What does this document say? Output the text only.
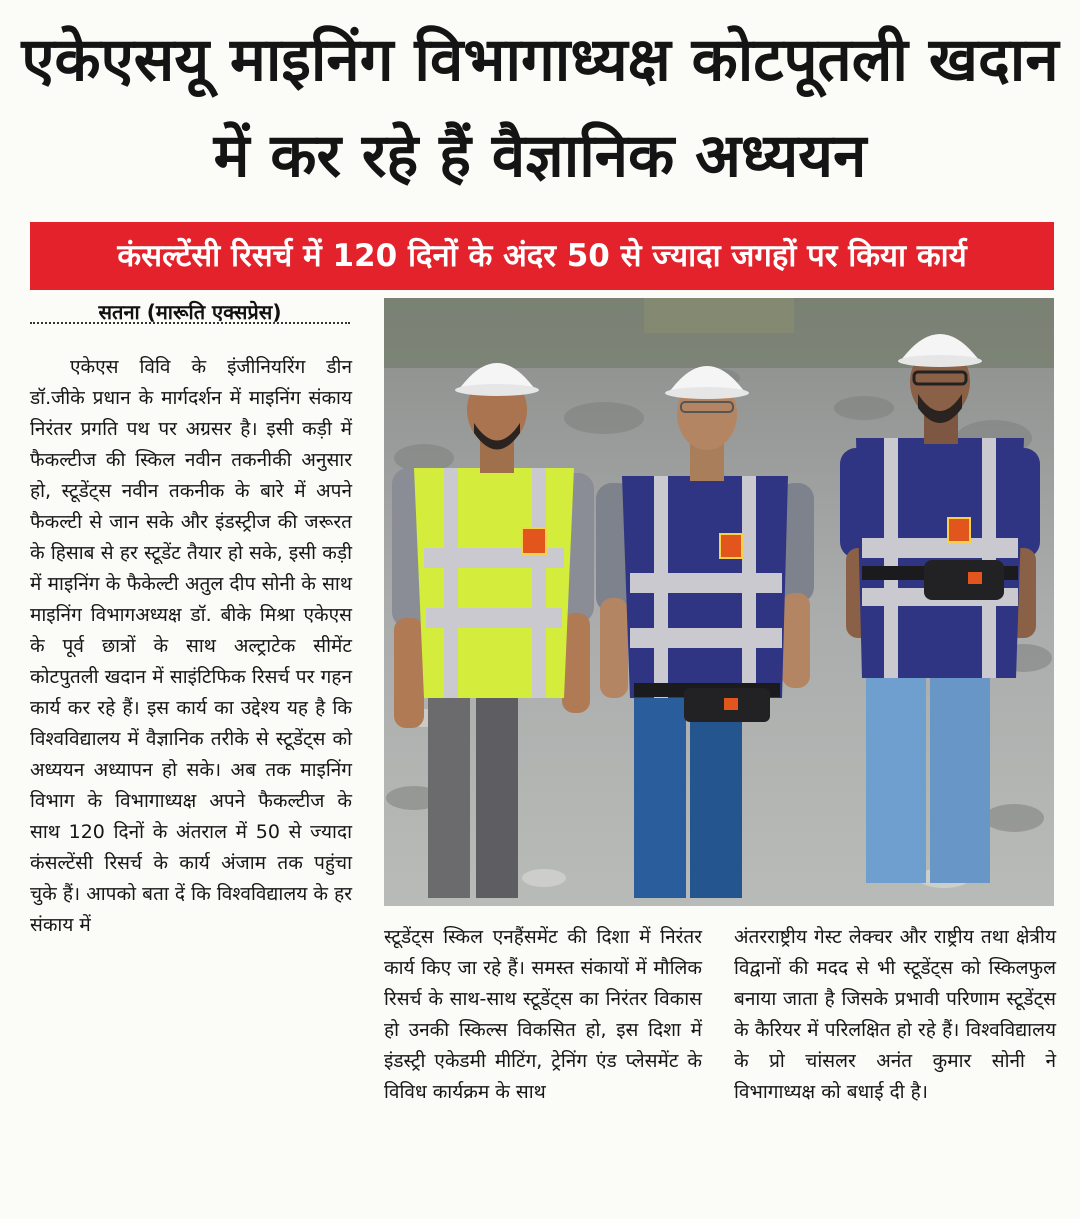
एकेएसयू माइनिंग विभागाध्यक्ष कोटपूतली खदान में कर रहे हैं वैज्ञानिक अध्ययन
कंसल्टेंसी रिसर्च में 120 दिनों के अंदर 50 से ज्यादा जगहों पर किया कार्य
सतना (मारूति एक्सप्रेस)

एकेएस विवि के इंजीनियरिंग डीन डॉ.जीके प्रधान के मार्गदर्शन में माइनिंग संकाय निरंतर प्रगति पथ पर अग्रसर है। इसी कड़ी में फैकल्टीज की स्किल नवीन तकनीकी अनुसार हो, स्टूडेंट्स नवीन तकनीक के बारे में अपने फैकल्टी से जान सके और इंडस्ट्रीज की जरूरत के हिसाब से हर स्टूडेंट तैयार हो सके, इसी कड़ी में माइनिंग के फैकेल्टी अतुल दीप सोनी के साथ माइनिंग विभागअध्यक्ष डॉ. बीके मिश्रा एकेएस के पूर्व छात्रों के साथ अल्ट्राटेक सीमेंट कोटपुतली खदान में साइंटिफिक रिसर्च पर गहन कार्य कर रहे हैं। इस कार्य का उद्देश्य यह है कि विश्वविद्यालय में वैज्ञानिक तरीके से स्टूडेंट्स को अध्ययन अध्यापन हो सके। अब तक माइनिंग विभाग के विभागाध्यक्ष अपने फैकल्टीज के साथ 120 दिनों के अंतराल में 50 से ज्यादा कंसल्टेंसी रिसर्च के कार्य अंजाम तक पहुंचा चुके हैं। आपको बता दें कि विश्वविद्यालय के हर संकाय में

स्टूडेंट्स स्किल एनहैंसमेंट की दिशा में निरंतर कार्य किए जा रहे हैं। समस्त संकायों में मौलिक रिसर्च के साथ-साथ स्टूडेंट्स का निरंतर विकास हो उनकी स्किल्स विकसित हो, इस दिशा में इंडस्ट्री एकेडमी मीटिंग, ट्रेनिंग एंड प्लेसमेंट के विविध कार्यक्रम के साथ

अंतरराष्ट्रीय गेस्ट लेक्चर और राष्ट्रीय तथा क्षेत्रीय विद्वानों की मदद से भी स्टूडेंट्स को स्किलफुल बनाया जाता है जिसके प्रभावी परिणाम स्टूडेंट्स के कैरियर में परिलक्षित हो रहे हैं। विश्वविद्यालय के प्रो चांसलर अनंत कुमार सोनी ने विभागाध्यक्ष को बधाई दी है।
